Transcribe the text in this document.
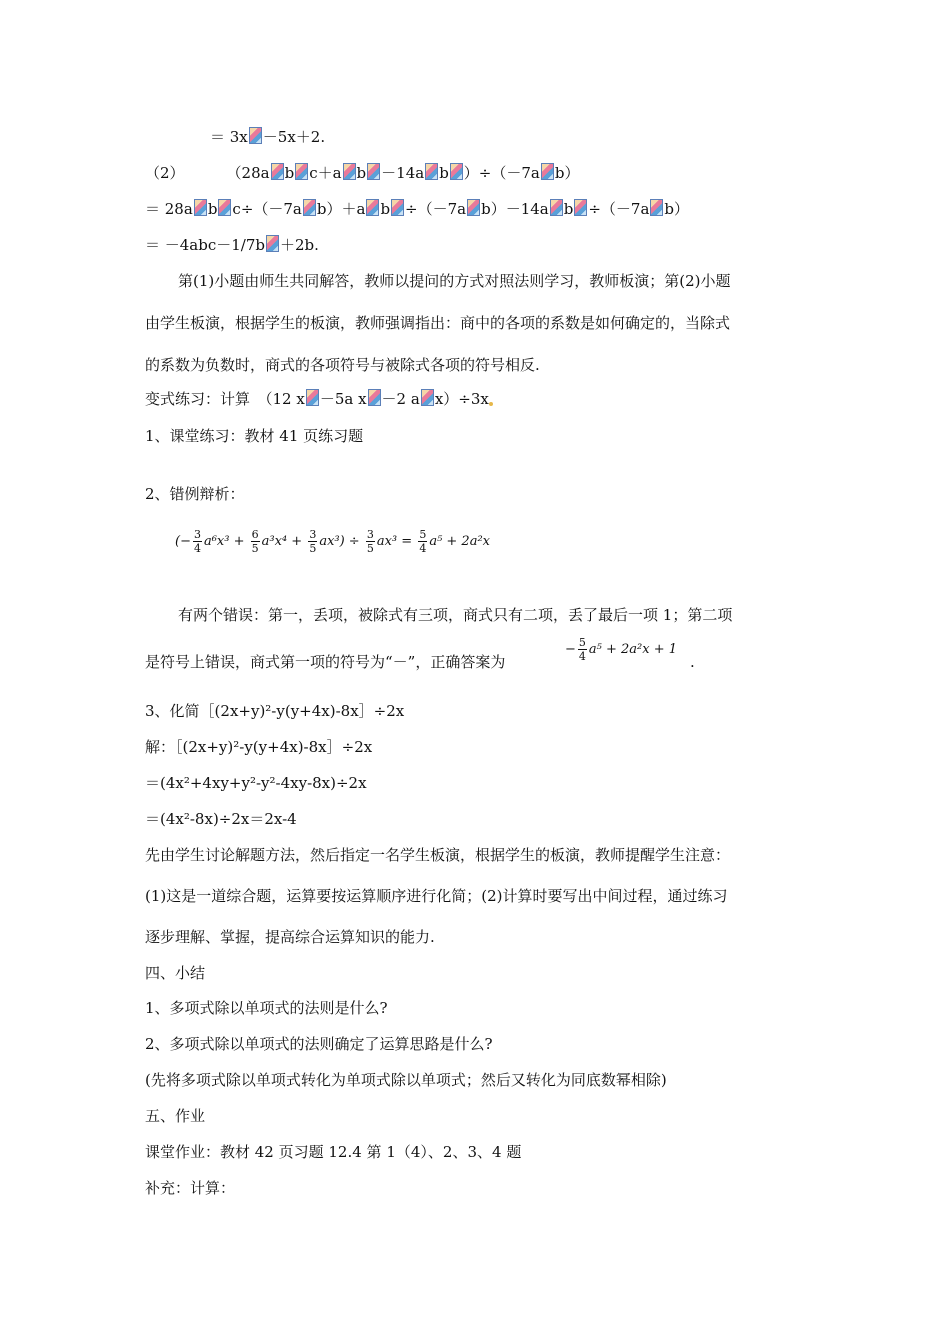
＝ 3x －5x＋2.
（2）	（28a b c＋a b －14a b ）÷（－7a b）
＝ 28a b c÷（－7a b）＋a b ÷（－7a b）－14a b ÷（－7a b）
＝ －4abc－1/7b ＋2b.
第(1)小题由师生共同解答，教师以提问的方式对照法则学习，教师板演；第(2)小题
由学生板演，根据学生的板演，教师强调指出：商中的各项的系数是如何确定的，当除式
的系数为负数时，商式的各项符号与被除式各项的符号相反.
变式练习：计算　（12 x －5a x －2 a x）÷3x
1、课堂练习：教材 41 页练习题
2、错例辩析：
(− $\frac{3}{4} a^6x^3 + \frac{6}{5} a^3x^4 + \frac{3}{5} ax^3) \div \frac{3}{5} ax^3 = \frac{5}{4} a^5 + 2a^2x$
有两个错误：第一，丢项，被除式有三项，商式只有二项，丢了最后一项 1；第二项
是符号上错误，商式第一项的符号为“－”，正确答案为
− $\frac{5}{4} a^5 + 2a^2x + 1$
.
3、化简［(2x+y)²-y(y+4x)-8x］÷2x
解：［(2x+y)²-y(y+4x)-8x］÷2x
＝(4x²+4xy+y²-y²-4xy-8x)÷2x
＝(4x²-8x)÷2x＝2x-4
先由学生讨论解题方法，然后指定一名学生板演，根据学生的板演，教师提醒学生注意：
(1)这是一道综合题，运算要按运算顺序进行化简；(2)计算时要写出中间过程，通过练习
逐步理解、掌握，提高综合运算知识的能力.
四、小结
1、多项式除以单项式的法则是什么?
2、多项式除以单项式的法则确定了运算思路是什么?
(先将多项式除以单项式转化为单项式除以单项式；然后又转化为同底数幂相除)
五、作业
课堂作业：教材 42 页习题 12.4 第 1（4）、2、3、4 题
补充：计算：
